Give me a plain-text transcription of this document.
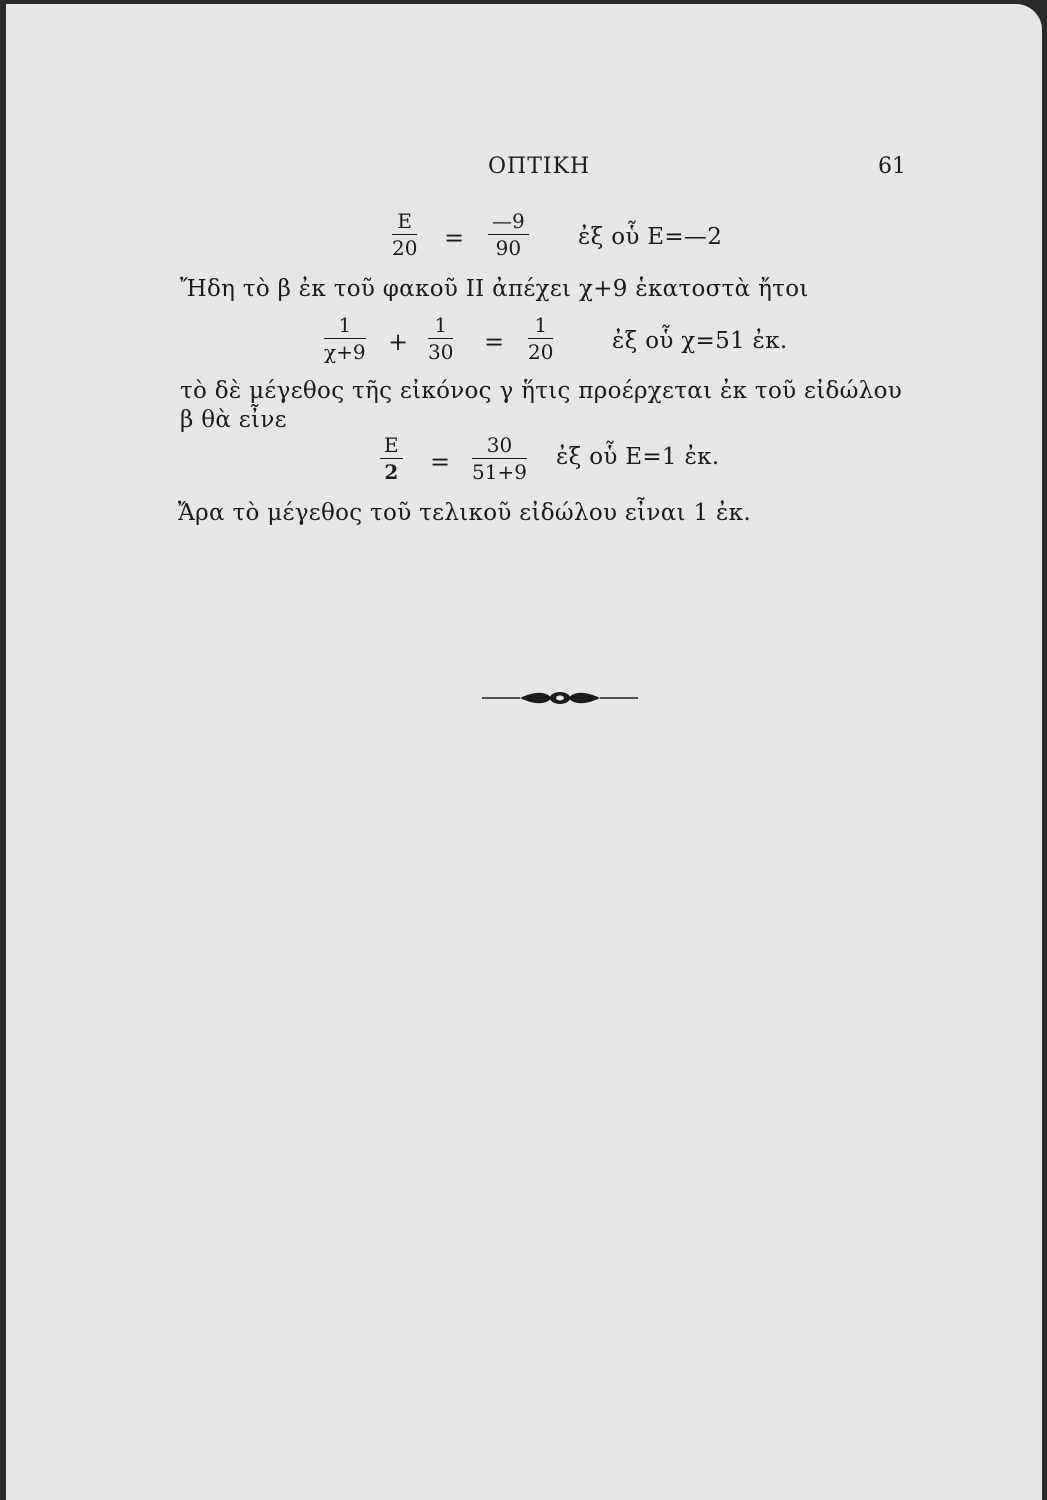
ΟΠΤΙΚΗ	61
$\frac{E}{20} = \frac{—9}{90}$ ἐξ οὗ E=—2
Ἤδη τὸ β ἐκ τοῦ φακοῦ II ἀπέχει χ+9 ἑκατοστὰ ἤτοι
$\frac{1}{\chi+9} + \frac{1}{30} = \frac{1}{20}$	ἐξ οὗ χ=51 ἐκ.
τὸ δὲ μέγεθος τῆς εἰκόνος γ ἥτις προέρχεται ἐκ τοῦ εἰδώλου
β θὰ εἶνε
$\frac{E}{2} = \frac{30}{51+9}$ ἐξ οὗ E=1 ἐκ.
Ἄρα τὸ μέγεθος τοῦ τελικοῦ εἰδώλου εἶναι 1 ἐκ.
